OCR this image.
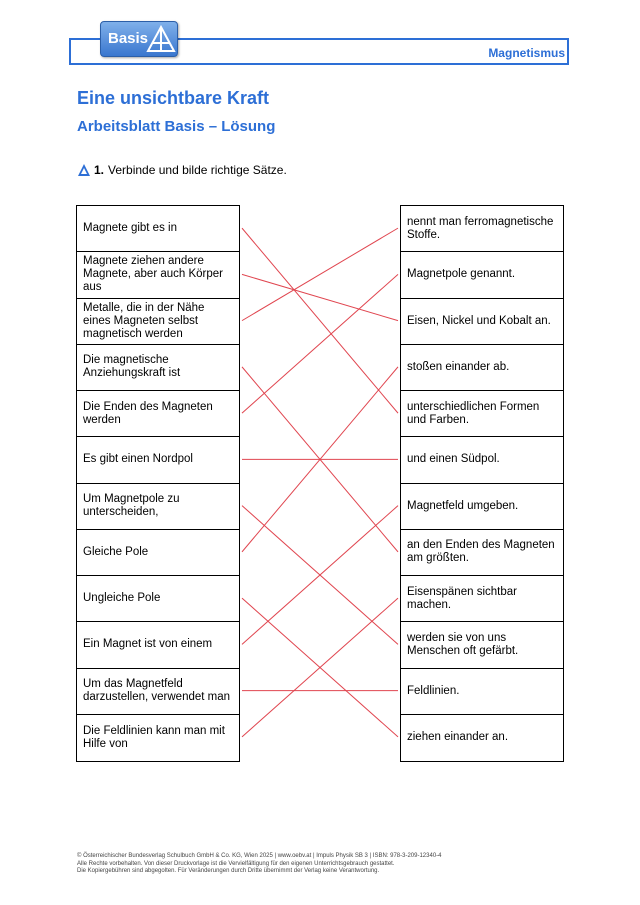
Basis
Magnetismus
Eine unsichtbare Kraft
Arbeitsblatt Basis – Lösung
1. Verbinde und bilde richtige Sätze.
Magnete gibt es in
Magnete ziehen andere Magnete, aber auch Körper aus
Metalle, die in der Nähe eines Magneten selbst magnetisch werden
Die magnetische Anziehungskraft ist
Die Enden des Magneten werden
Es gibt einen Nordpol
Um Magnetpole zu unterscheiden,
Gleiche Pole
Ungleiche Pole
Ein Magnet ist von einem
Um das Magnetfeld darzustellen, verwendet man
Die Feldlinien kann man mit Hilfe von
nennt man ferromagnetische Stoffe.
Magnetpole genannt.
Eisen, Nickel und Kobalt an.
stoßen einander ab.
unterschiedlichen Formen und Farben.
und einen Südpol.
Magnetfeld umgeben.
an den Enden des Magneten am größten.
Eisenspänen sichtbar machen.
werden sie von uns Menschen oft gefärbt.
Feldlinien.
ziehen einander an.
© Österreichischer Bundesverlag Schulbuch GmbH & Co. KG, Wien 2025 | www.oebv.at | Impuls Physik SB 3 | ISBN: 978-3-209-12340-4
Alle Rechte vorbehalten. Von dieser Druckvorlage ist die Vervielfältigung für den eigenen Unterrichtsgebrauch gestattet.
Die Kopiergebühren sind abgegolten. Für Veränderungen durch Dritte übernimmt der Verlag keine Verantwortung.
